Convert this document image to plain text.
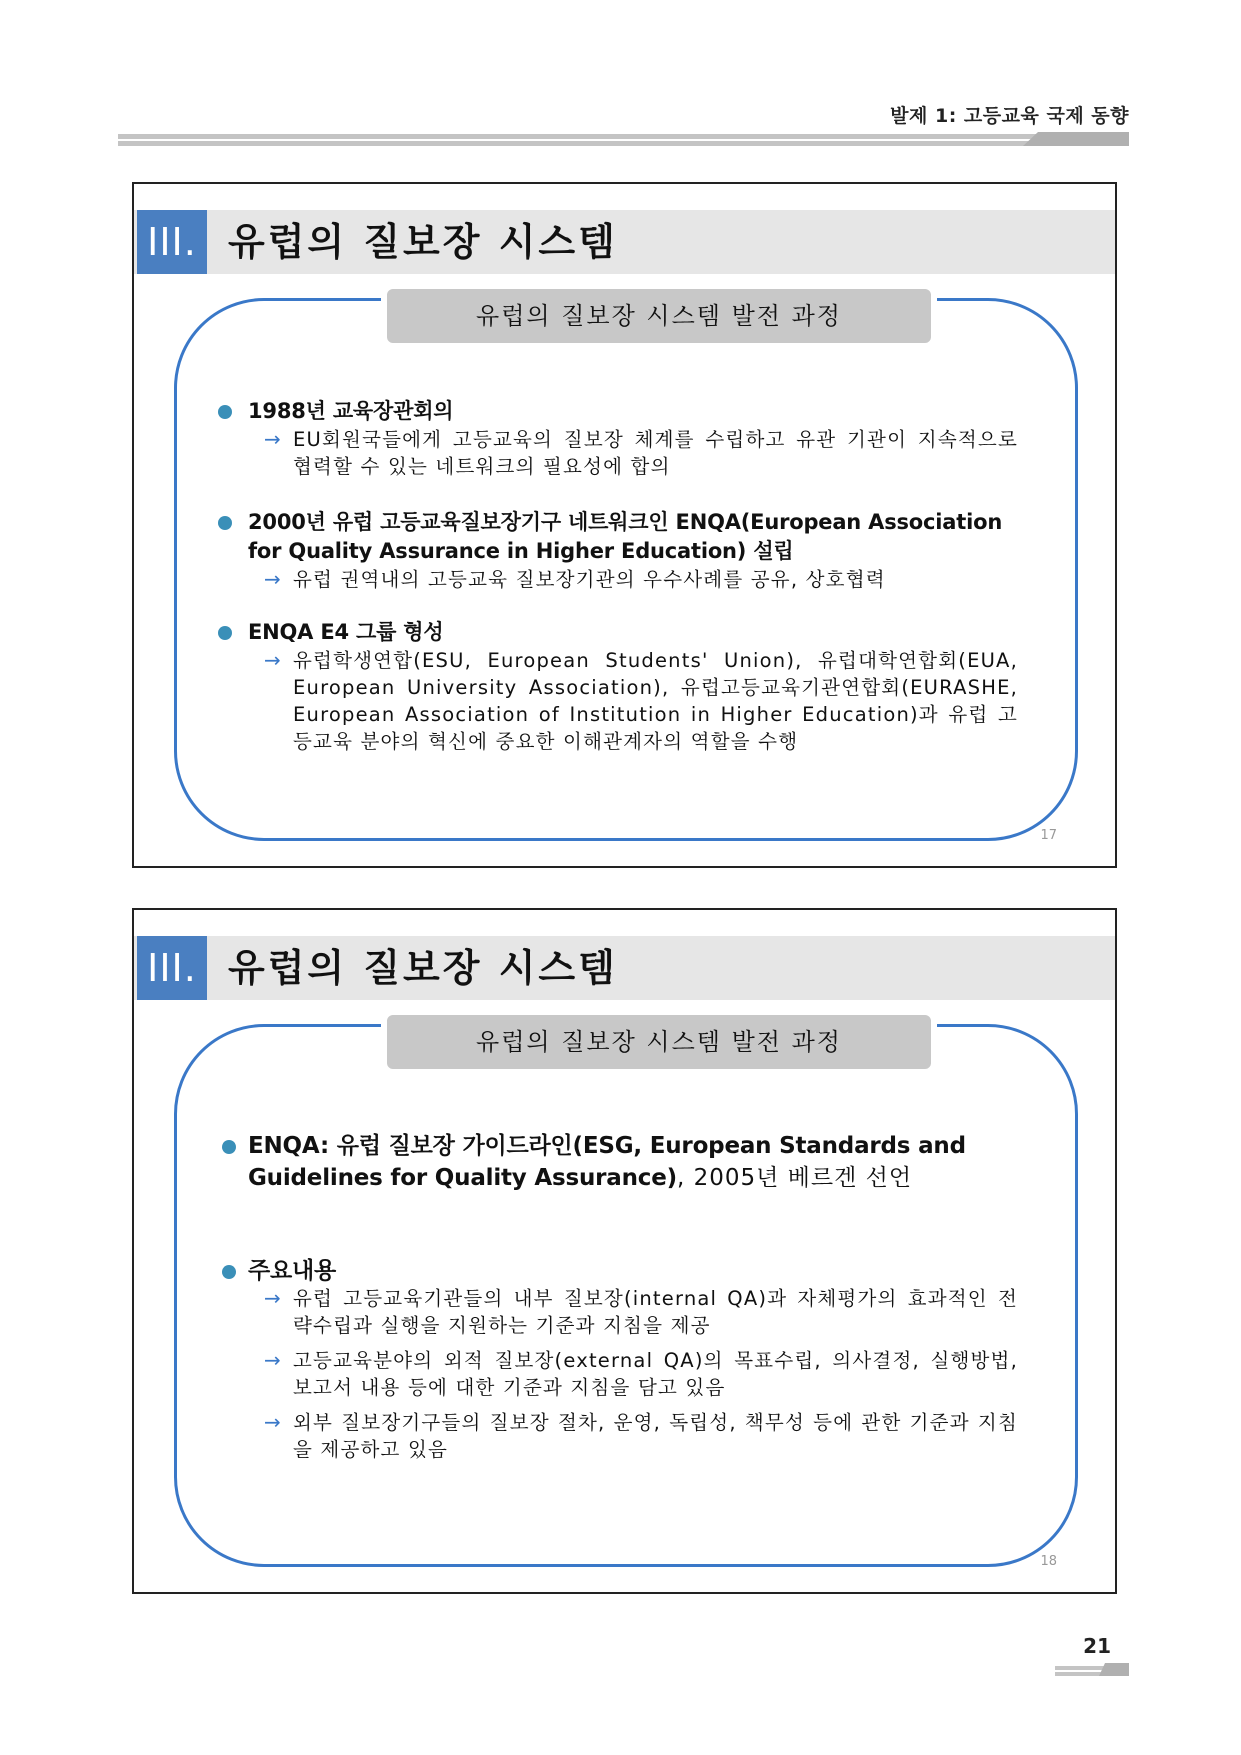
발제 1: 고등교육 국제 동향
III. 유럽의 질보장 시스템
유럽의 질보장 시스템 발전 과정
1988년 교육장관회의
→ EU회원국들에게 고등교육의 질보장 체계를 수립하고 유관 기관이 지속적으로 협력할 수 있는 네트워크의 필요성에 합의
2000년 유럽 고등교육질보장기구 네트워크인 ENQA(European Association for Quality Assurance in Higher Education) 설립
→ 유럽 권역내의 고등교육 질보장기관의 우수사례를 공유, 상호협력
ENQA E4 그룹 형성
→ 유럽학생연합(ESU, European Students' Union), 유럽대학연합회(EUA, European University Association), 유럽고등교육기관연합회(EURASHE, European Association of Institution in Higher Education)과 유럽 고등교육 분야의 혁신에 중요한 이해관계자의 역할을 수행
17
III. 유럽의 질보장 시스템
유럽의 질보장 시스템 발전 과정
ENQA: 유럽 질보장 가이드라인(ESG, European Standards and Guidelines for Quality Assurance), 2005년 베르겐 선언
주요내용
→ 유럽 고등교육기관들의 내부 질보장(internal QA)과 자체평가의 효과적인 전략수립과 실행을 지원하는 기준과 지침을 제공
→ 고등교육분야의 외적 질보장(external QA)의 목표수립, 의사결정, 실행방법, 보고서 내용 등에 대한 기준과 지침을 담고 있음
→ 외부 질보장기구들의 질보장 절차, 운영, 독립성, 책무성 등에 관한 기준과 지침을 제공하고 있음
18
21
